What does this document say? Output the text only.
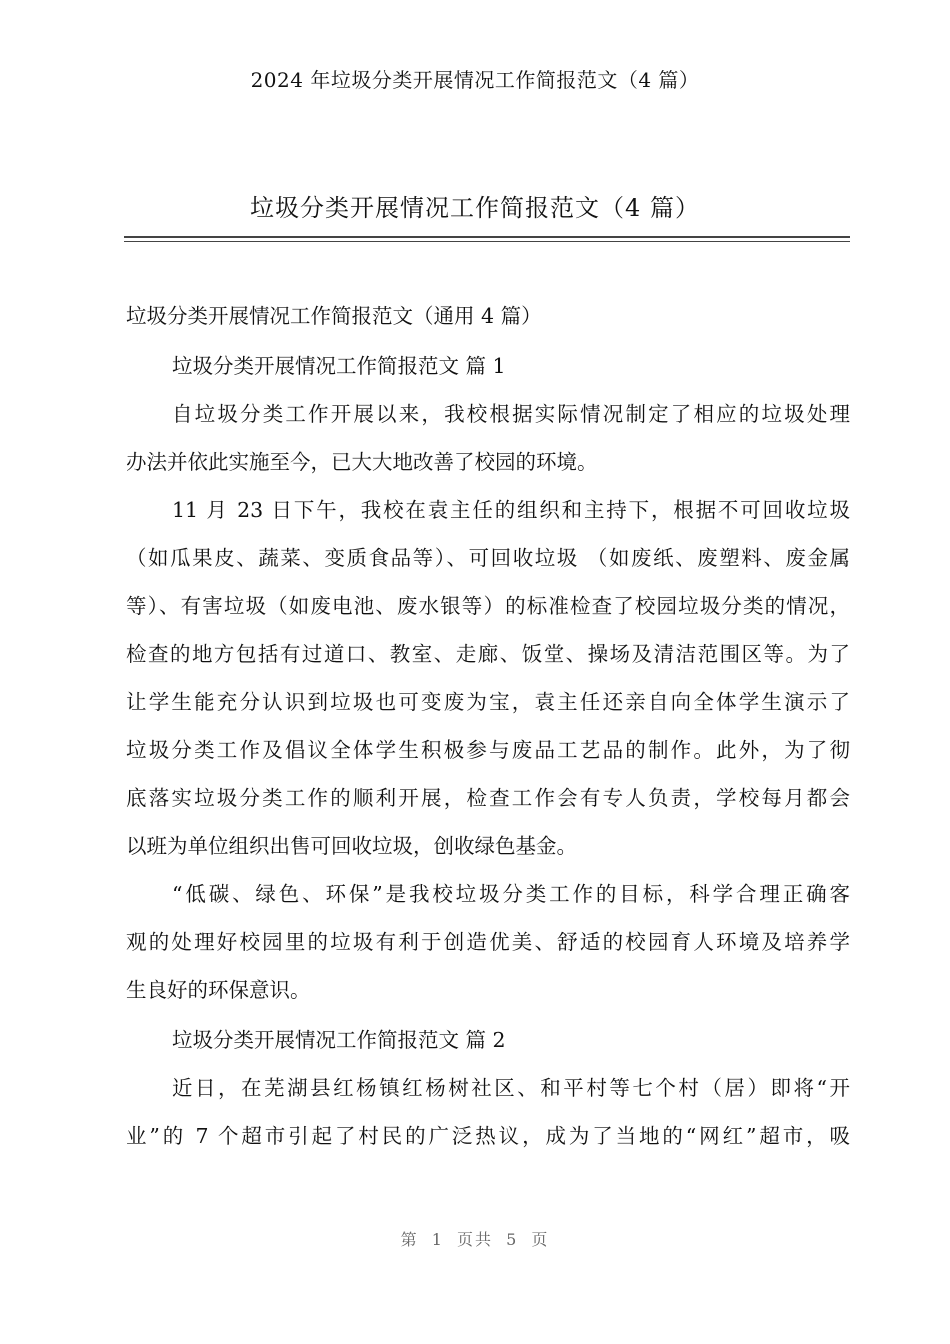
2024 年垃圾分类开展情况工作简报范文（4 篇）
垃圾分类开展情况工作简报范文（4 篇）
垃圾分类开展情况工作简报范文（通用 4 篇）
垃圾分类开展情况工作简报范文 篇 1
自垃圾分类工作开展以来，我校根据实际情况制定了相应的垃圾处理
办法并依此实施至今，已大大地改善了校园的环境。
11 月 23 日下午，我校在袁主任的组织和主持下，根据不可回收垃圾
（如瓜果皮、蔬菜、变质食品等）、可回收垃圾 （如废纸、废塑料、废金属
等）、有害垃圾（如废电池、废水银等）的标准检查了校园垃圾分类的情况，
检查的地方包括有过道口、教室、走廊、饭堂、操场及清洁范围区等。为了
让学生能充分认识到垃圾也可变废为宝，袁主任还亲自向全体学生演示了
垃圾分类工作及倡议全体学生积极参与废品工艺品的制作。此外，为了彻
底落实垃圾分类工作的顺利开展，检查工作会有专人负责，学校每月都会
以班为单位组织出售可回收垃圾，创收绿色基金。
“低碳、绿色、环保”是我校垃圾分类工作的目标，科学合理正确客
观的处理好校园里的垃圾有利于创造优美、舒适的校园育人环境及培养学
生良好的环保意识。
垃圾分类开展情况工作简报范文 篇 2
近日，在芜湖县红杨镇红杨树社区、和平村等七个村（居）即将“开
业”的 7 个超市引起了村民的广泛热议，成为了当地的“网红”超市，吸
第 1 页共 5 页
